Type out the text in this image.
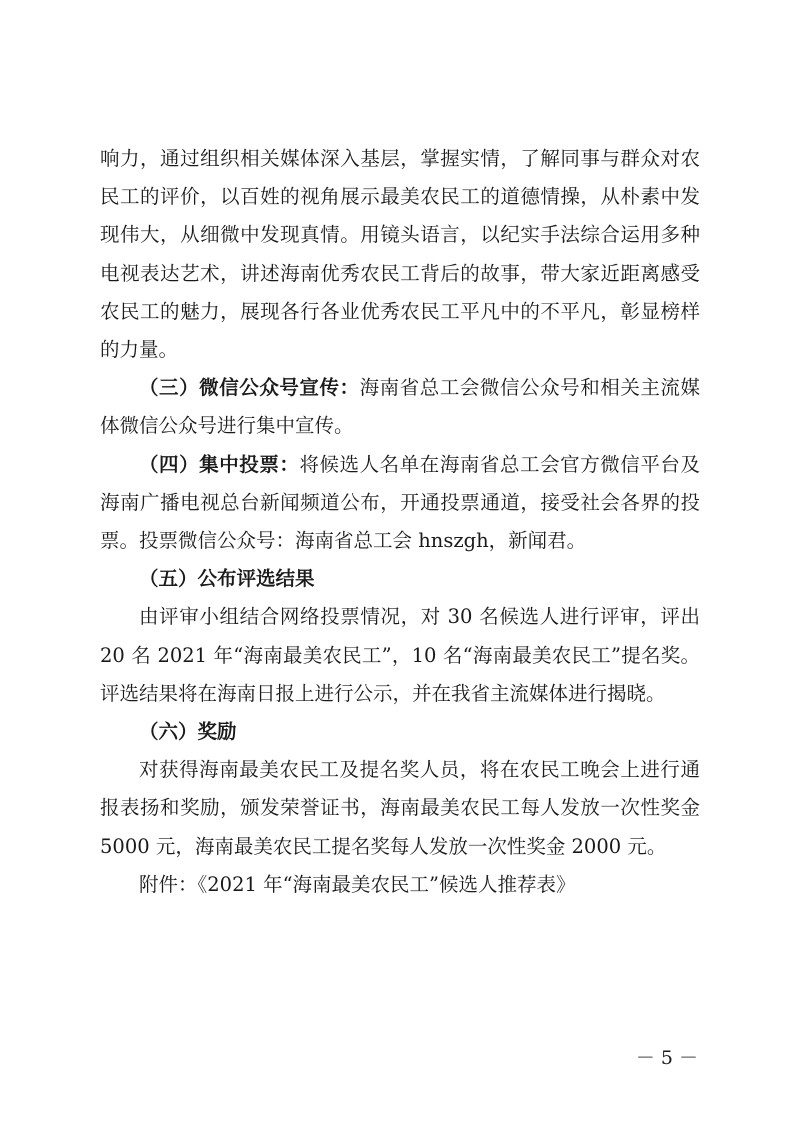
响力，通过组织相关媒体深入基层，掌握实情，了解同事与群众对农民工的评价，以百姓的视角展示最美农民工的道德情操，从朴素中发现伟大，从细微中发现真情。用镜头语言，以纪实手法综合运用多种电视表达艺术，讲述海南优秀农民工背后的故事，带大家近距离感受农民工的魅力，展现各行各业优秀农民工平凡中的不平凡，彰显榜样的力量。

（三）微信公众号宣传：海南省总工会微信公众号和相关主流媒体微信公众号进行集中宣传。

（四）集中投票：将候选人名单在海南省总工会官方微信平台及海南广播电视总台新闻频道公布，开通投票通道，接受社会各界的投票。投票微信公众号：海南省总工会 hnszgh，新闻君。

（五）公布评选结果

由评审小组结合网络投票情况，对 30 名候选人进行评审，评出 20 名 2021 年“海南最美农民工”，10 名“海南最美农民工”提名奖。评选结果将在海南日报上进行公示，并在我省主流媒体进行揭晓。

（六）奖励

对获得海南最美农民工及提名奖人员，将在农民工晚会上进行通报表扬和奖励，颁发荣誉证书，海南最美农民工每人发放一次性奖金 5000 元，海南最美农民工提名奖每人发放一次性奖金 2000 元。

附件：《2021 年“海南最美农民工”候选人推荐表》

－ 5 －
